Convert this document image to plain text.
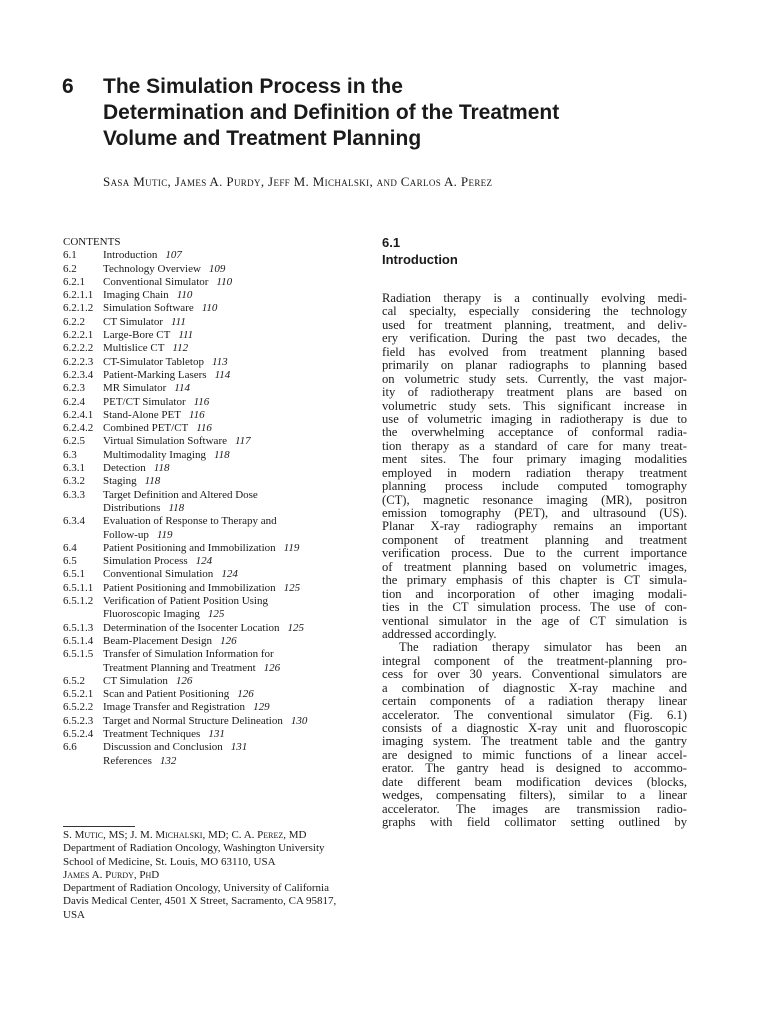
6 The Simulation Process in the
Determination and Definition of the Treatment
Volume and Treatment Planning

Sasa Mutic, James A. Purdy, Jeff M. Michalski, and Carlos A. Perez

CONTENTS
6.1 Introduction 107
6.2 Technology Overview 109
6.2.1 Conventional Simulator 110
6.2.1.1 Imaging Chain 110
6.2.1.2 Simulation Software 110
6.2.2 CT Simulator 111
6.2.2.1 Large-Bore CT 111
6.2.2.2 Multislice CT 112
6.2.2.3 CT-Simulator Tabletop 113
6.2.3.4 Patient-Marking Lasers 114
6.2.3 MR Simulator 114
6.2.4 PET/CT Simulator 116
6.2.4.1 Stand-Alone PET 116
6.2.4.2 Combined PET/CT 116
6.2.5 Virtual Simulation Software 117
6.3 Multimodality Imaging 118
6.3.1 Detection 118
6.3.2 Staging 118
6.3.3 Target Definition and Altered Dose
Distributions 118
6.3.4 Evaluation of Response to Therapy and
Follow-up 119
6.4 Patient Positioning and Immobilization 119
6.5 Simulation Process 124
6.5.1 Conventional Simulation 124
6.5.1.1 Patient Positioning and Immobilization 125
6.5.1.2 Verification of Patient Position Using
Fluoroscopic Imaging 125
6.5.1.3 Determination of the Isocenter Location 125
6.5.1.4 Beam-Placement Design 126
6.5.1.5 Transfer of Simulation Information for
Treatment Planning and Treatment 126
6.5.2 CT Simulation 126
6.5.2.1 Scan and Patient Positioning 126
6.5.2.2 Image Transfer and Registration 129
6.5.2.3 Target and Normal Structure Delineation 130
6.5.2.4 Treatment Techniques 131
6.6 Discussion and Conclusion 131
References 132
S. Mutic, MS; J. M. Michalski, MD; C. A. Perez, MD
Department of Radiation Oncology, Washington University
School of Medicine, St. Louis, MO 63110, USA
James A. Purdy, PhD
Department of Radiation Oncology, University of California
Davis Medical Center, 4501 X Street, Sacramento, CA 95817,
USA
6.1
Introduction
Radiation therapy is a continually evolving medi-
cal specialty, especially considering the technology
used for treatment planning, treatment, and deliv-
ery verification. During the past two decades, the
field has evolved from treatment planning based
primarily on planar radiographs to planning based
on volumetric study sets. Currently, the vast major-
ity of radiotherapy treatment plans are based on
volumetric study sets. This significant increase in
use of volumetric imaging in radiotherapy is due to
the overwhelming acceptance of conformal radia-
tion therapy as a standard of care for many treat-
ment sites. The four primary imaging modalities
employed in modern radiation therapy treatment
planning process include computed tomography
(CT), magnetic resonance imaging (MR), positron
emission tomography (PET), and ultrasound (US).
Planar X-ray radiography remains an important
component of treatment planning and treatment
verification process. Due to the current importance
of treatment planning based on volumetric images,
the primary emphasis of this chapter is CT simula-
tion and incorporation of other imaging modali-
ties in the CT simulation process. The use of con-
ventional simulator in the age of CT simulation is
addressed accordingly.
The radiation therapy simulator has been an
integral component of the treatment-planning pro-
cess for over 30 years. Conventional simulators are
a combination of diagnostic X-ray machine and
certain components of a radiation therapy linear
accelerator. The conventional simulator (Fig. 6.1)
consists of a diagnostic X-ray unit and fluoroscopic
imaging system. The treatment table and the gantry
are designed to mimic functions of a linear accel-
erator. The gantry head is designed to accommo-
date different beam modification devices (blocks,
wedges, compensating filters), similar to a linear
accelerator. The images are transmission radio-
graphs with field collimator setting outlined by
